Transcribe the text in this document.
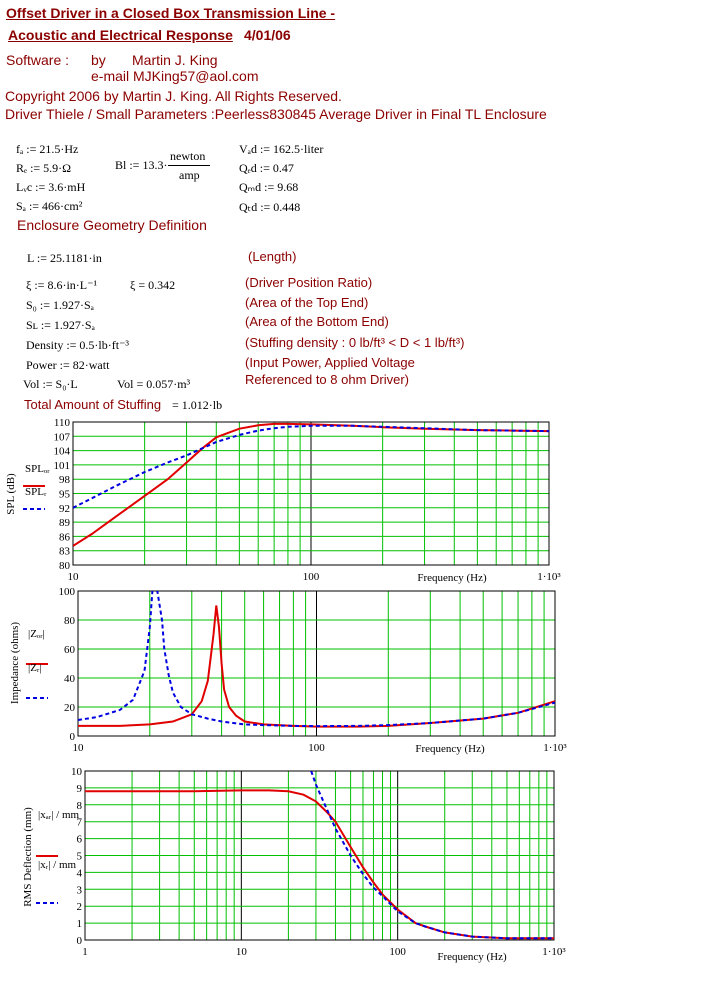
Offset Driver in a Closed Box Transmission Line -
Acoustic and Electrical Response 4/01/06
Software : by Martin J. King
e-mail MJKing57@aol.com
Copyright 2006 by Martin J. King. All Rights Reserved.
Driver Thiele / Small Parameters :Peerless830845 Average Driver in Final TL Enclosure
fₐ := 21.5·Hz
Rₑ := 5.9·Ω
Lᵥc := 3.6·mH
Sₐ := 466·cm²
Bl := 13.3·
newton
amp
Vₐd := 162.5·liter
Qₑd := 0.47
Qₘd := 9.68
Qₜd := 0.448
Enclosure Geometry Definition
L := 25.1181·in	(Length)
ξ := 8.6·in·L⁻¹	ξ = 0.342	(Driver Position Ratio)
S₀ := 1.927·Sₐ	(Area of the Top End)
Sʟ := 1.927·Sₐ	(Area of the Bottom End)
Density := 0.5·lb·ft⁻³	(Stuffing density : 0 lb/ft³ < D < 1 lb/ft³)
Power := 82·watt	(Input Power, Applied Voltage
Referenced to 8 ohm Driver)
Vol := S₀·L	Vol = 0.057·m³
Total Amount of Stuffing = 1.012·lb
80
83
86
89
92
95
98
101
104
107
110
10	100	1·10³
Frequency (Hz)
SPL (dB)
SPLₒᵣ
SPLᵣ
0
20
40
60
80
100
10	100	1·10³
Frequency (Hz)
Impedance (ohms) |Zₒᵣ|
|Zᵣ|
0
1
2
3
4
5
6
7
8
9
10
1	10	100	1·10³
Frequency (Hz)
RMS Deflection (mm) |xₐᵣ| / mm
|xᵣ| / mm
